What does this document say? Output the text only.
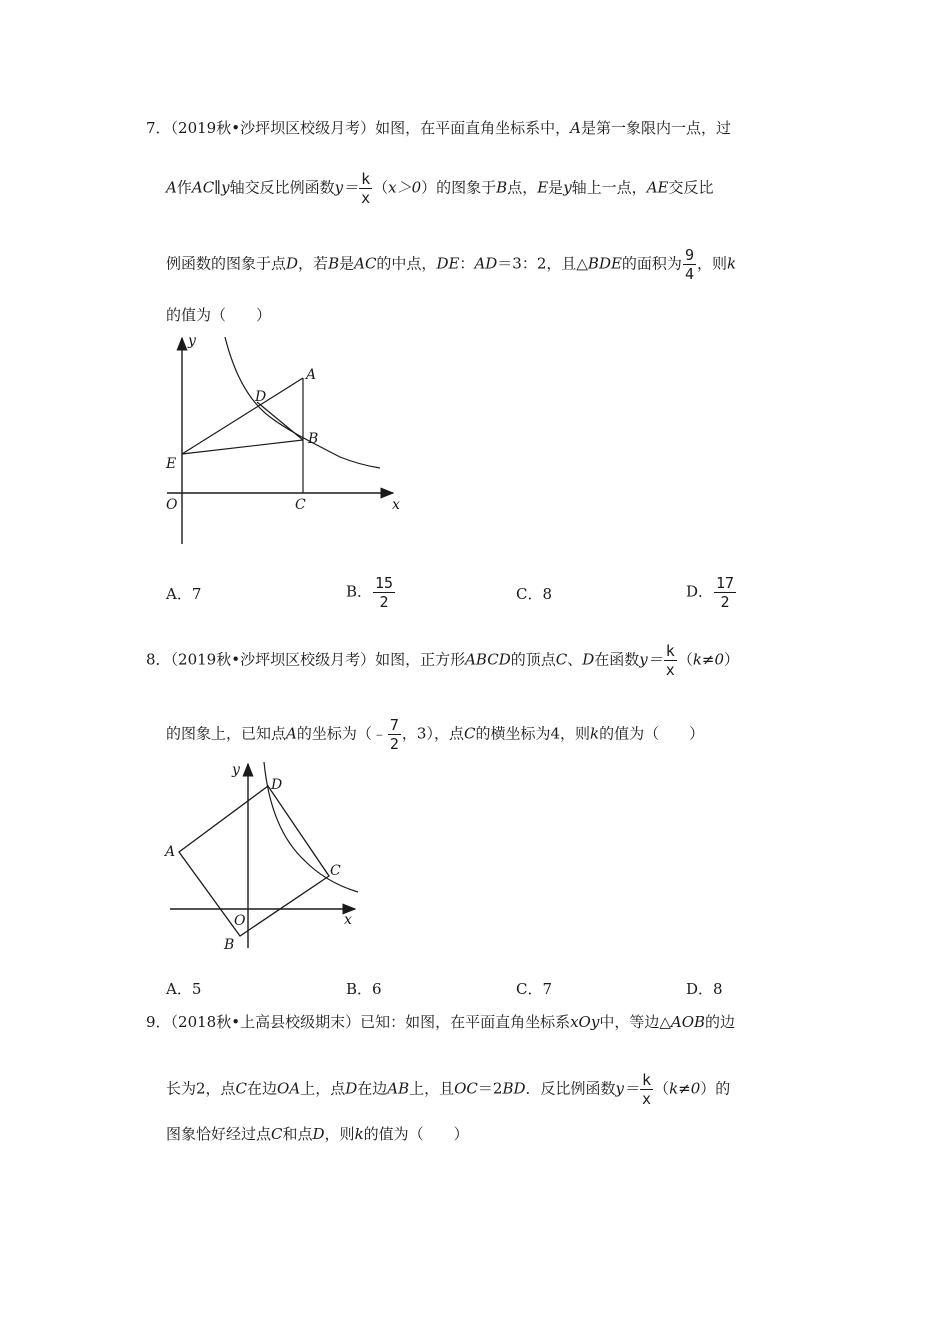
7．（2019秋•沙坪坝区校级月考）如图，在平面直角坐标系中，A是第一象限内一点，过
A作AC∥y轴交反比例函数$y= \frac{k}{x} (x>0)$的图象于B点，E是y轴上一点，AE交反比
例函数的图象于点D，若B是AC的中点，DE：AD＝3：2，且△BDE的面积为 $\frac{9}{4}$ ，则k
的值为（　　）
y
A
D
B
E
O	C	x
A．7	B． $\frac{15}{2}$	C．8	D． $\frac{17}{2}$
8．（2019秋•沙坪坝区校级月考）如图，正方形ABCD的顶点C、D在函数$y= \frac{k}{x} (k\ne 0)$
的图象上，已知点A的坐标为（﹣ $\frac{7}{2}$ ，3），点C的横坐标为4，则k的值为（　　）
y
D
A
C
O	x
B
A．5	B．6	C．7	D．8
9．（2018秋•上高县校级期末）已知：如图，在平面直角坐标系xOy中，等边△AOB的边
长为2，点C在边OA上，点D在边AB上，且OC＝2BD．反比例函数$y= \frac{k}{x} (k\ne 0)$的
图象恰好经过点C和点D，则k的值为（　　）
